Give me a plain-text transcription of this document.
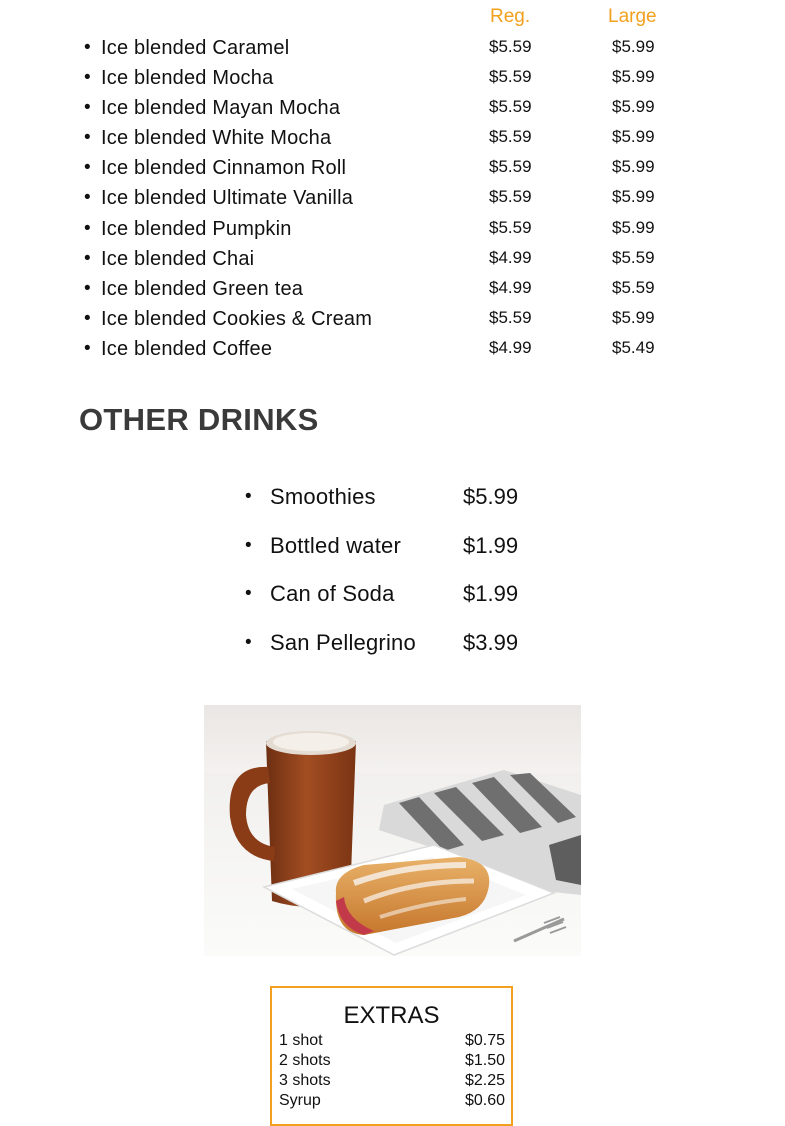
Reg.	Large
• Ice blended Caramel	$5.59	$5.99
• Ice blended Mocha	$5.59	$5.99
• Ice blended Mayan Mocha	$5.59	$5.99
• Ice blended White Mocha	$5.59	$5.99
• Ice blended Cinnamon Roll	$5.59	$5.99
• Ice blended Ultimate Vanilla	$5.59	$5.99
• Ice blended Pumpkin	$5.59	$5.99
• Ice blended Chai	$4.99	$5.59
• Ice blended Green tea	$4.99	$5.59
• Ice blended Cookies & Cream	$5.59	$5.99
• Ice blended Coffee	$4.99	$5.49
OTHER DRINKS
• Smoothies	$5.99
• Bottled water	$1.99
• Can of Soda	$1.99
• San Pellegrino $3.99
EXTRAS
1 shot	$0.75
2 shots	$1.50
3 shots	$2.25
Syrup	$0.60
